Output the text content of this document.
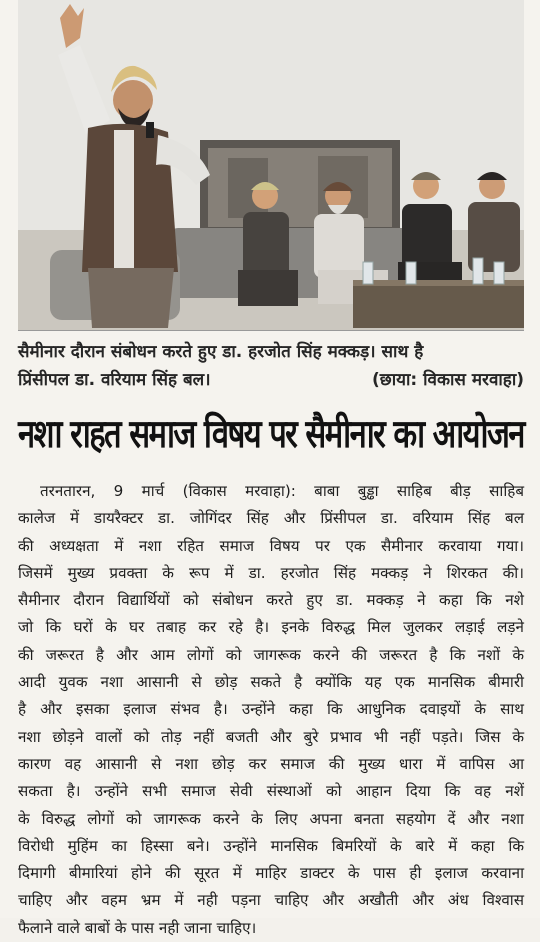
सैमीनार दौरान संबोधन करते हुए डा. हरजोत सिंह मक्कड़। साथ है
प्रिंसीपल डा. वरियाम सिंह बल।	(छाया: विकास मरवाहा)
नशा राहत समाज विषय पर सैमीनार का आयोजन
तरनतारन, 9 मार्च (विकास मरवाहा): बाबा बुड्ढा साहिब बीड़ साहिब
कालेज में डायरैक्टर डा. जोगिंदर सिंह और प्रिंसीपल डा. वरियाम सिंह बल
की अध्यक्षता में नशा रहित समाज विषय पर एक सैमीनार करवाया गया।
जिसमें मुख्य प्रवक्ता के रूप में डा. हरजोत सिंह मक्कड़ ने शिरकत की।
सैमीनार दौरान विद्यार्थियों को संबोधन करते हुए डा. मक्कड़ ने कहा कि नशे
जो कि घरों के घर तबाह कर रहे है। इनके विरुद्ध मिल जुलकर लड़ाई लड़ने
की जरूरत है और आम लोगों को जागरूक करने की जरूरत है कि नशों के
आदी युवक नशा आसानी से छोड़ सकते है क्योंकि यह एक मानसिक बीमारी
है और इसका इलाज संभव है। उन्होंने कहा कि आधुनिक दवाइयों के साथ
नशा छोड़ने वालों को तोड़ नहीं बजती और बुरे प्रभाव भी नहीं पड़ते। जिस के
कारण वह आसानी से नशा छोड़ कर समाज की मुख्य धारा में वापिस आ
सकता है। उन्होंने सभी समाज सेवी संस्थाओं को आहान दिया कि वह नशें
के विरुद्ध लोगों को जागरूक करने के लिए अपना बनता सहयोग दें और नशा
विरोधी मुहिंम का हिस्सा बने। उन्होंने मानसिक बिमरियों के बारे में कहा कि
दिमागी बीमारियां होने की सूरत में माहिर डाक्टर के पास ही इलाज करवाना
चाहिए और वहम भ्रम में नही पड़ना चाहिए और अखौती और अंध विश्वास
फैलाने वाले बाबों के पास नही जाना चाहिए।
